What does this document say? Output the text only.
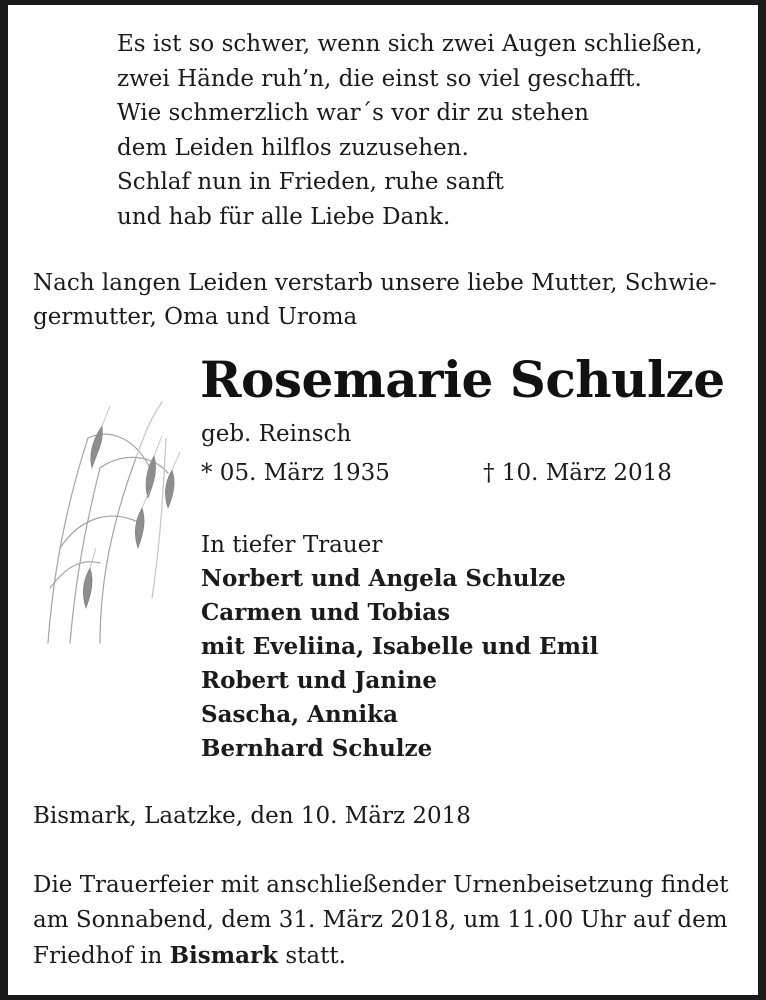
Es ist so schwer, wenn sich zwei Augen schließen,
zwei Hände ruh’n, die einst so viel geschafft.
Wie schmerzlich war´s vor dir zu stehen
dem Leiden hilflos zuzusehen.
Schlaf nun in Frieden, ruhe sanft
und hab für alle Liebe Dank.
Nach langen Leiden verstarb unsere liebe Mutter, Schwie-
germutter, Oma und Uroma
Rosemarie Schulze
geb. Reinsch
* 05. März 1935	† 10. März 2018
In tiefer Trauer
Norbert und Angela Schulze
Carmen und Tobias
mit Eveliina, Isabelle und Emil
Robert und Janine
Sascha, Annika
Bernhard Schulze
Bismark, Laatzke, den 10. März 2018
Die Trauerfeier mit anschließender Urnenbeisetzung findet
am Sonnabend, dem 31. März 2018, um 11.00 Uhr auf dem
Friedhof in Bismark statt.
